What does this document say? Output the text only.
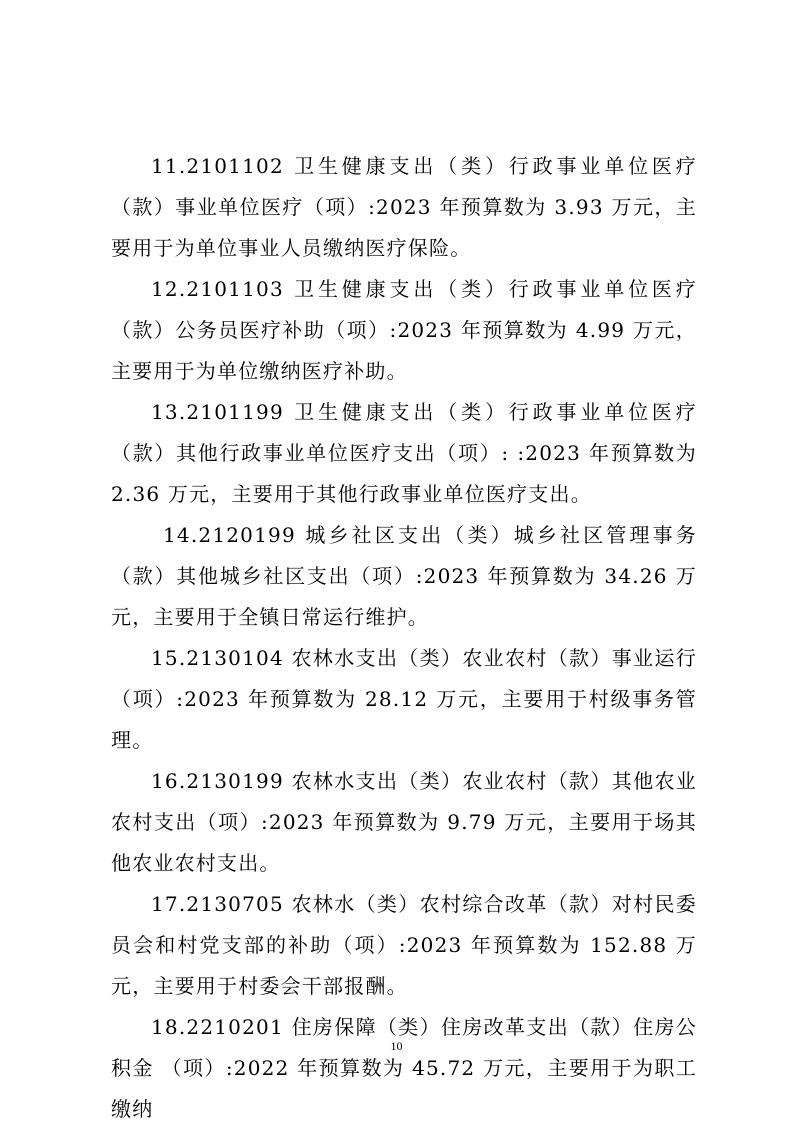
11.2101102 卫生健康支出（类）行政事业单位医疗（款）事业单位医疗（项）:2023 年预算数为 3.93 万元，主要用于为单位事业人员缴纳医疗保险。

12.2101103 卫生健康支出（类）行政事业单位医疗（款）公务员医疗补助（项）:2023 年预算数为 4.99 万元，主要用于为单位缴纳医疗补助。

13.2101199 卫生健康支出（类）行政事业单位医疗（款）其他行政事业单位医疗支出（项）: :2023 年预算数为 2.36 万元，主要用于其他行政事业单位医疗支出。

14.2120199 城乡社区支出（类）城乡社区管理事务（款）其他城乡社区支出（项）:2023 年预算数为 34.26 万元，主要用于全镇日常运行维护。

15.2130104 农林水支出（类）农业农村（款）事业运行（项）:2023 年预算数为 28.12 万元，主要用于村级事务管理。

16.2130199 农林水支出（类）农业农村（款）其他农业农村支出（项）:2023 年预算数为 9.79 万元，主要用于场其他农业农村支出。

17.2130705 农林水（类）农村综合改革（款）对村民委员会和村党支部的补助（项）:2023 年预算数为 152.88 万元，主要用于村委会干部报酬。

18.2210201 住房保障（类）住房改革支出（款）住房公积金 （项）:2022 年预算数为 45.72 万元，主要用于为职工缴纳

10
